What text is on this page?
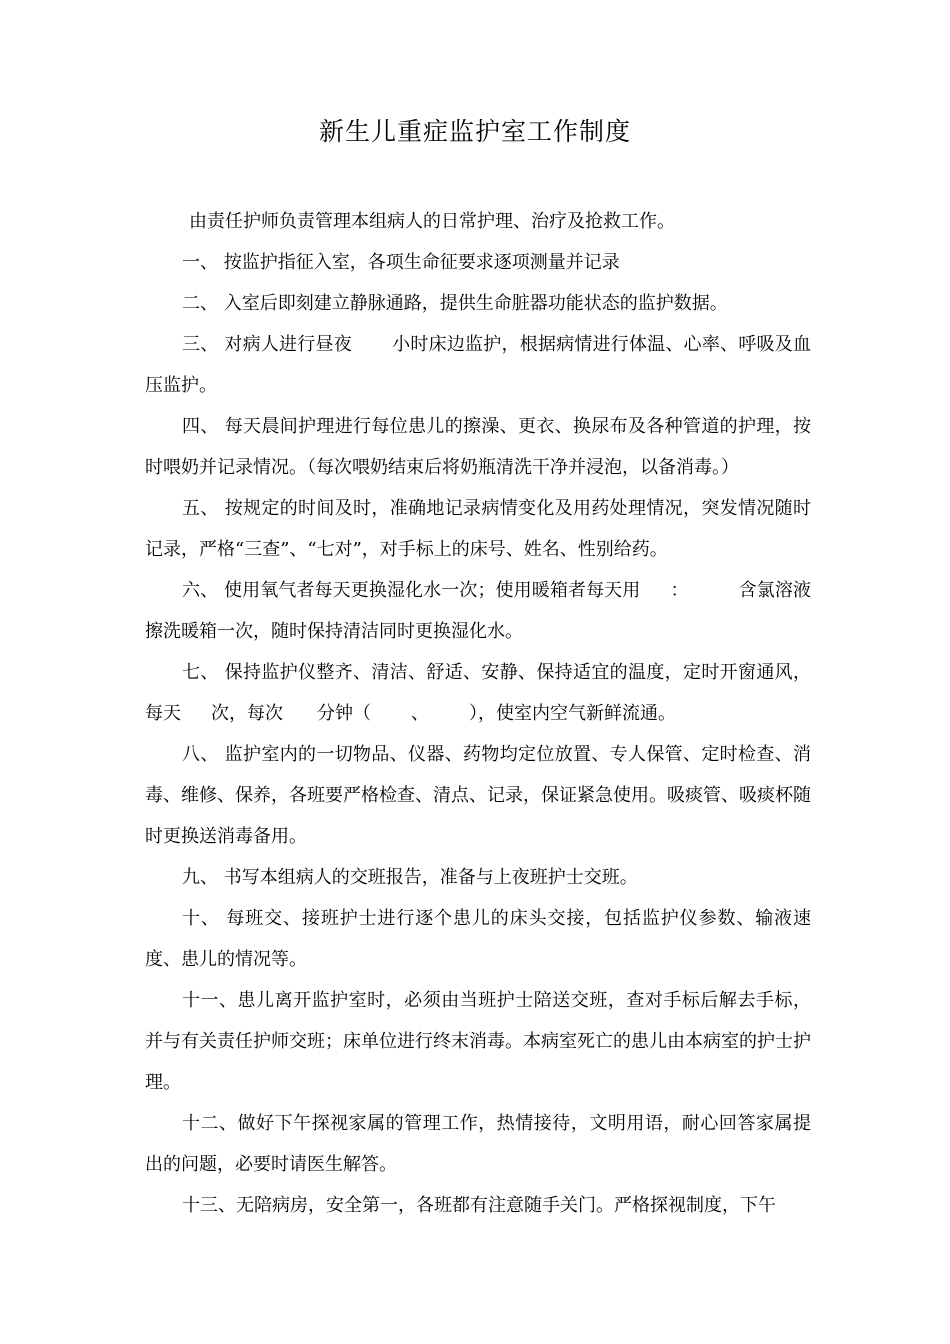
新生儿重症监护室工作制度

由责任护师负责管理本组病人的日常护理、治疗及抢救工作。

一、 按监护指征入室，各项生命征要求逐项测量并记录

二、 入室后即刻建立静脉通路，提供生命脏器功能状态的监护数据。

三、 对病人进行昼夜 小时床边监护，根据病情进行体温、心率、呼吸及血压监护。

四、 每天晨间护理进行每位患儿的擦澡、更衣、换尿布及各种管道的护理，按时喂奶并记录情况。（每次喂奶结束后将奶瓶清洗干净并浸泡，以备消毒。）

五、 按规定的时间及时，准确地记录病情变化及用药处理情况，突发情况随时记录，严格“三查”、“七对”，对手标上的床号、姓名、性别给药。

六、 使用氧气者每天更换湿化水一次；使用暖箱者每天用 ：	含氯溶液擦洗暖箱一次，随时保持清洁同时更换湿化水。

七、 保持监护仪整齐、清洁、舒适、安静、保持适宜的温度，定时开窗通风，每天 次，每次 分钟（ 、 ），使室内空气新鲜流通。

八、 监护室内的一切物品、仪器、药物均定位放置、专人保管、定时检查、消毒、维修、保养，各班要严格检查、清点、记录，保证紧急使用。吸痰管、吸痰杯随时更换送消毒备用。

九、 书写本组病人的交班报告，准备与上夜班护士交班。

十、 每班交、接班护士进行逐个患儿的床头交接，包括监护仪参数、输液速度、患儿的情况等。

十一、患儿离开监护室时，必须由当班护士陪送交班，查对手标后解去手标，并与有关责任护师交班；床单位进行终末消毒。本病室死亡的患儿由本病室的护士护理。

十二、做好下午探视家属的管理工作，热情接待，文明用语，耐心回答家属提出的问题，必要时请医生解答。

十三、无陪病房，安全第一，各班都有注意随手关门。严格探视制度，下午
